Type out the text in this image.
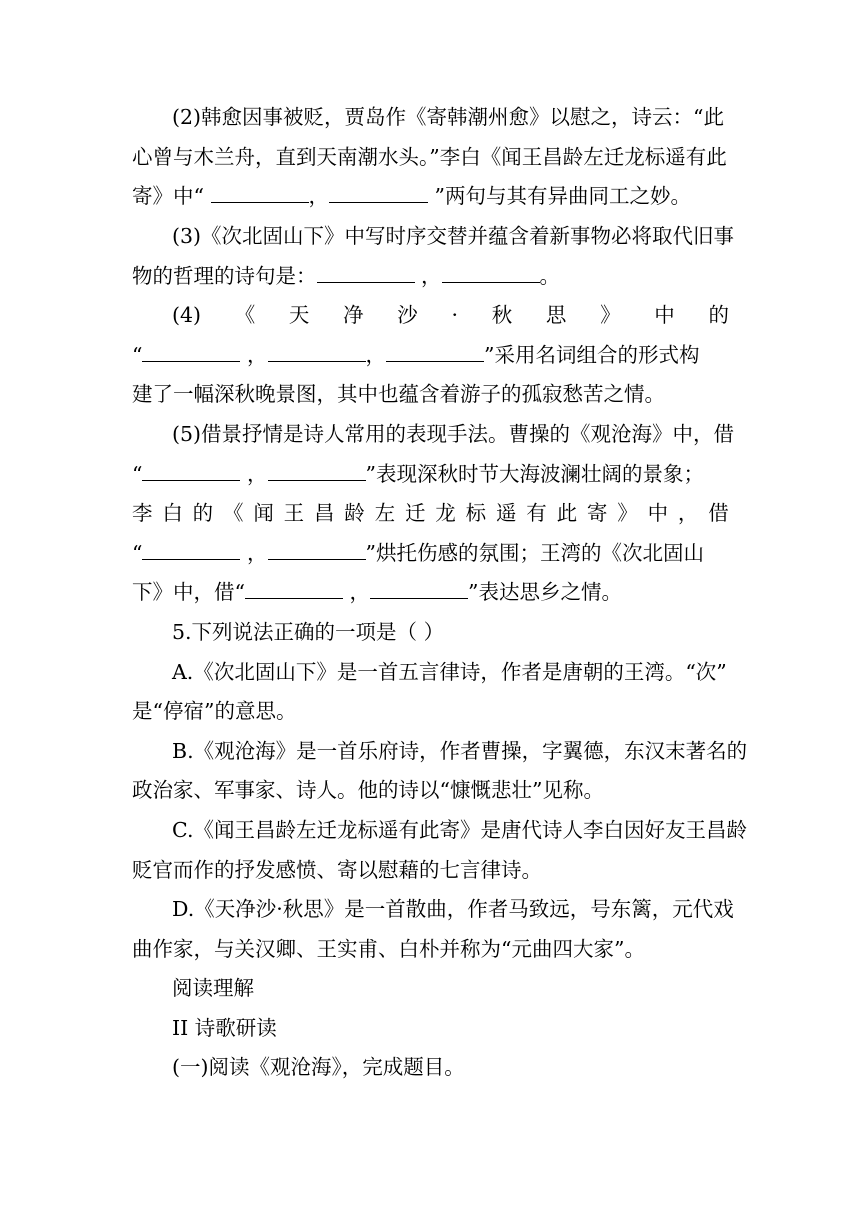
(2)韩愈因事被贬，贾岛作《寄韩潮州愈》以慰之，诗云：“此
心曾与木兰舟，直到天南潮水头。”李白《闻王昌龄左迁龙标遥有此
寄》中“	，	”两句与其有异曲同工之妙。
(3)《次北固山下》中写时序交替并蕴含着新事物必将取代旧事
物的哲理的诗句是：	，	。
(4) 《 天 净 沙 · 秋 思 》 中 的
“	，	，	”采用名词组合的形式构
建了一幅深秋晚景图，其中也蕴含着游子的孤寂愁苦之情。
(5)借景抒情是诗人常用的表现手法。曹操的《观沧海》中，借
“	，	”表现深秋时节大海波澜壮阔的景象；
李 白 的 《 闻 王 昌 龄 左 迁 龙 标 遥 有 此 寄 》 中 ， 借
“	，	”烘托伤感的氛围；王湾的《次北固山
下》中，借“	，	”表达思乡之情。
5.下列说法正确的一项是（ ）
A.《次北固山下》是一首五言律诗，作者是唐朝的王湾。“次”
是“停宿”的意思。
B.《观沧海》是一首乐府诗，作者曹操，字翼德，东汉末著名的
政治家、军事家、诗人。他的诗以“慷慨悲壮”见称。
C.《闻王昌龄左迁龙标遥有此寄》是唐代诗人李白因好友王昌龄
贬官而作的抒发感愤、寄以慰藉的七言律诗。
D.《天净沙·秋思》是一首散曲，作者马致远，号东篱，元代戏
曲作家，与关汉卿、王实甫、白朴并称为“元曲四大家”。
阅读理解
II 诗歌研读
(一)阅读《观沧海》，完成题目。
